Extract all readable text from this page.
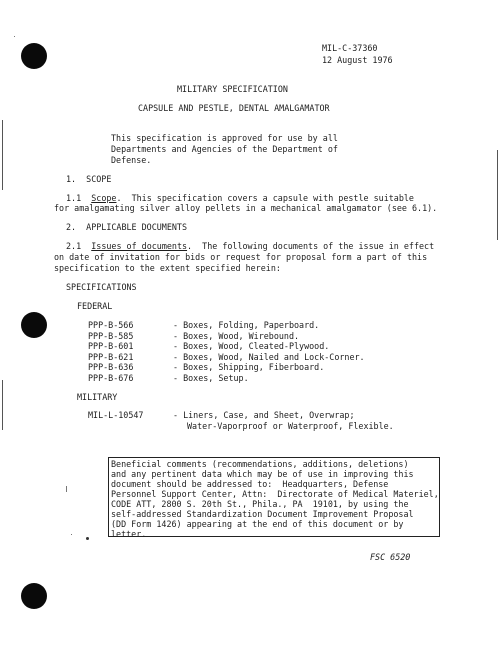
MIL-C-37360
12 August 1976
MILITARY SPECIFICATION
CAPSULE AND PESTLE, DENTAL AMALGAMATOR
This specification is approved for use by all
Departments and Agencies of the Department of
Defense.
1.  SCOPE
1.1 Scope.  This specification covers a capsule with pestle suitable
for amalgamating silver alloy pellets in a mechanical amalgamator (see 6.1).
2.  APPLICABLE DOCUMENTS
2.1 Issues of documents.  The following documents of the issue in effect
on date of invitation for bids or request for proposal form a part of this
specification to the extent specified herein:
SPECIFICATIONS
FEDERAL
PPP-B-566	- Boxes, Folding, Paperboard.
PPP-B-585	- Boxes, Wood, Wirebound.
PPP-B-601	- Boxes, Wood, Cleated-Plywood.
PPP-B-621	- Boxes, Wood, Nailed and Lock-Corner.
PPP-B-636	- Boxes, Shipping, Fiberboard.
PPP-B-676	- Boxes, Setup.
MILITARY
MIL-L-10547	- Liners, Case, and Sheet, Overwrap;
Water-Vaporproof or Waterproof, Flexible.
Beneficial comments (recommendations, additions, deletions)
and any pertinent data which may be of use in improving this
document should be addressed to:  Headquarters, Defense
Personnel Support Center, Attn:  Directorate of Medical Materiel,
CODE ATT, 2800 S. 20th St., Phila., PA  19101, by using the
self-addressed Standardization Document Improvement Proposal
(DD Form 1426) appearing at the end of this document or by
letter.
FSC 6520
